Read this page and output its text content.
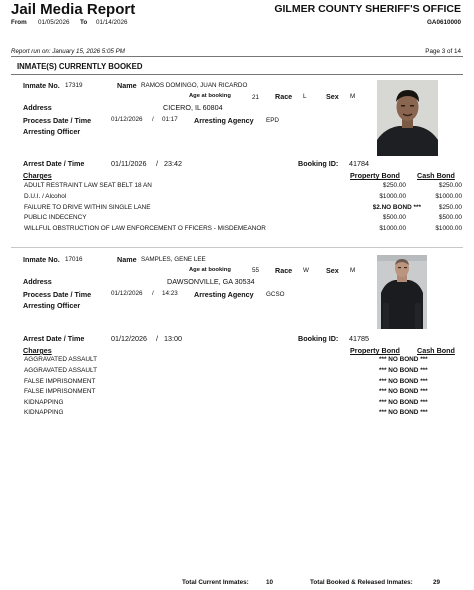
Jail Media Report	GILMER COUNTY SHERIFF'S OFFICE
From 01/05/2026 To 01/14/2026	GA0610000
Report run on: January 15, 2026 5:05 PM	Page 3 of 14
INMATE(S) CURRENTLY BOOKED
Inmate No. 17319	Name RAMOS DOMINGO, JUAN RICARDO
Age at booking	21 Race L	Sex M
Address	CICERO, IL 60804
Process Date / Time	01/12/2026 / 01:17 Arresting Agency EPD
Arresting Officer
Arrest Date / Time	01/11/2026 / 23:42	Booking ID: 41784
Charges	Property Bond Cash Bond
ADULT RESTRAINT LAW SEAT BELT 18 AN	$250.00	$250.00
D.U.I. / Alcohol	$1000.00	$1000.00
FAILURE TO DRIVE WITHIN SINGLE LANE	$2.NO BOND ***	$250.00
PUBLIC INDECENCY	$500.00	$500.00
WILLFUL OBSTRUCTION OF LAW ENFORCEMENT O FFICERS - MISDEMEANOR	$1000.00	$1000.00
Inmate No. 17016	Name SAMPLES, GENE LEE
Age at booking	55 Race W Sex M
Address	DAWSONVILLE, GA 30534
Process Date / Time	01/12/2026 / 14:23 Arresting Agency GCSO
Arresting Officer
Arrest Date / Time	01/12/2026 / 13:00	Booking ID: 41785
Charges	Property Bond Cash Bond
AGGRAVATED ASSAULT	*** NO BOND ***
AGGRAVATED ASSAULT	*** NO BOND ***
FALSE IMPRISONMENT	*** NO BOND ***
FALSE IMPRISONMENT	*** NO BOND ***
KIDNAPPING	*** NO BOND ***
KIDNAPPING	*** NO BOND ***
Total Current Inmates:	10	Total Booked & Released Inmates:	29
